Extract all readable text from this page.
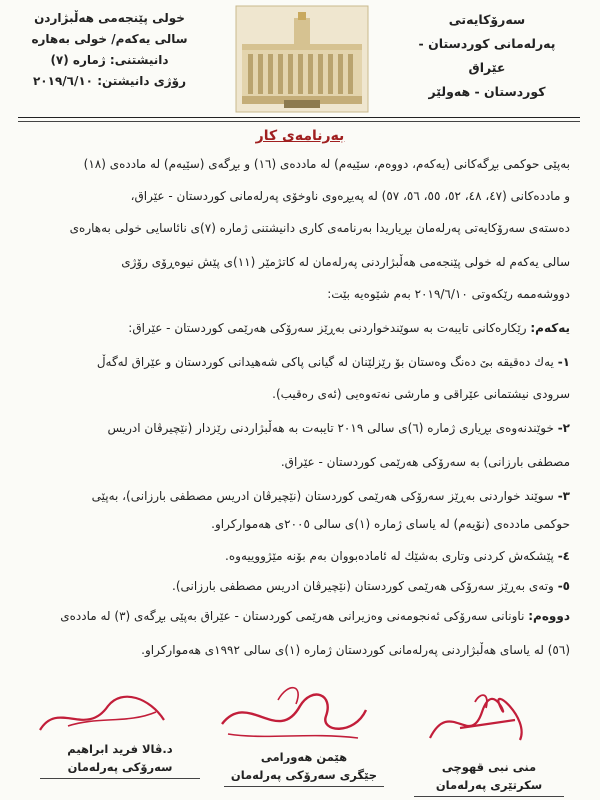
سەرۆكایەتی
پەرلەمانی كوردستان - عێراق
كوردستان - هەولێر
خولی پێنجەمی هەڵبژاردن
سالی یەكەم/ خولی بەهارە
دانیشتنی: ژمارە (٧)
رۆژی دانیشتن: ٢٠١٩/٦/١٠
بەرنامەی كار
بەپێی حوكمی بڕگەكانی (یەكەم، دووەم، سێیەم) لە ماددەی (١٦) و بڕگەی (سێیەم) لە ماددەی (١٨)
و ماددەكانی (٤٧، ٤٨، ٥٢، ٥٥، ٥٦، ٥٧) لە پەیڕەوی ناوخۆی پەرلەمانی كوردستان - عێراق،
دەستەی سەرۆكایەتی پەرلەمان بڕیاریدا بەرنامەی كاری دانیشتنی ژمارە (٧)ی نائاسایی خولی بەهارەی
سالی یەكەم لە خولی پێنجەمی هەڵبژاردنی پەرلەمان لە كاتژمێر (١١)ی پێش نیوەڕۆی رۆژی
دووشەممە رێكەوتی ٢٠١٩/٦/١٠ بەم شێوەیە بێت:
یەكەم: رێكارەكانی تایبەت بە سوێندخواردنی بەڕێز سەرۆكی هەرێمی كوردستان - عێراق:
١- یەك دەقیقە بێ دەنگ وەستان بۆ رێزلێنان لە گیانی پاكی شەهیدانی كوردستان و عێراق لەگەڵ
سرودی نیشتمانی عێراقی و مارشی نەتەوەیی (ئەی رەقیب).
٢- خوێندنەوەی بڕیاری ژمارە (٦)ی سالی ٢٠١٩ تایبەت بە هەڵبژاردنی رێزدار (نێچیرڤان ادریس
مصطفی بارزانی) بە سەرۆكی هەرێمی كوردستان - عێراق.
٣- سوێند خواردنی بەڕێز سەرۆكی هەرێمی كوردستان (نێچیرڤان ادریس مصطفی بارزانی)، بەپێی
حوكمی ماددەی (نۆیەم) لە یاسای ژمارە (١)ی سالی ٢٠٠٥ی هەمواركراو.
٤- پێشكەش كردنی وتاری بەشێك لە ئامادەبووان بەم بۆنە مێژووییەوە.
٥- وتەی بەڕێز سەرۆكی هەرێمی كوردستان (نێچیرڤان ادریس مصطفی بارزانی).
دووەم: ناونانی سەرۆكی ئەنجومەنی وەزیرانی هەرێمی كوردستان - عێراق بەپێی بڕگەی (٣) لە ماددەی
(٥٦) لە یاسای هەڵبژاردنی پەرلەمانی كوردستان ژمارە (١)ی سالی ١٩٩٢ی هەمواركراو.
منی نبی قهوچی
سكرتێری پەرلەمان
هێمن هەورامی
جێگری سەرۆكی پەرلەمان
د.ڤالا فرید ابراهیم
سەرۆكی پەرلەمان
